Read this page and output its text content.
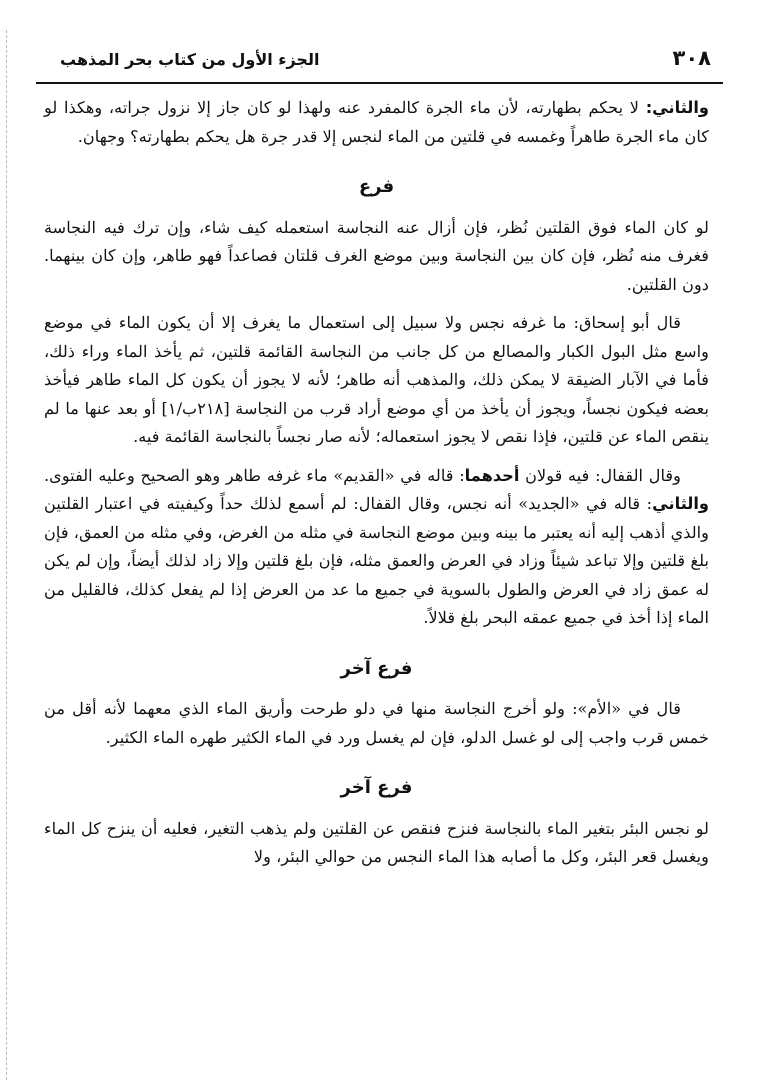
٣٠٨
الجزء الأول من كتاب بحر المذهب

والثاني: لا يحكم بطهارته، لأن ماء الجرة كالمفرد عنه ولهذا لو كان جاز إلا نزول جراته، وهكذا لو كان ماء الجرة طاهراً وغمسه في قلتين من الماء لنجس إلا قدر جرة هل يحكم بطهارته؟ وجهان.

فرع

لو كان الماء فوق القلتين نُظر، فإن أزال عنه النجاسة استعمله كيف شاء، وإن ترك فيه النجاسة فغرف منه نُظر، فإن كان بين النجاسة وبين موضع الغرف قلتان فصاعداً فهو طاهر، وإن كان بينهما. دون القلتين.

قال أبو إسحاق: ما غرفه نجس ولا سبيل إلى استعمال ما يغرف إلا أن يكون الماء في موضع واسع مثل البول الكبار والمصالع من كل جانب من النجاسة القائمة قلتين، ثم يأخذ الماء وراء ذلك، فأما في الآبار الضيقة لا يمكن ذلك، والمذهب أنه طاهر؛ لأنه لا يجوز أن يكون كل الماء طاهر فيأخذ بعضه فيكون نجساً، ويجوز أن يأخذ من أي موضع أراد قرب من النجاسة [٢١٨ب/١] أو بعد عنها ما لم ينقص الماء عن قلتين، فإذا نقص لا يجوز استعماله؛ لأنه صار نجساً بالنجاسة القائمة فيه.

وقال القفال: فيه قولان أحدهما: قاله في «القديم» ماء غرفه طاهر وهو الصحيح وعليه الفتوى. والثاني: قاله في «الجديد» أنه نجس، وقال القفال: لم أسمع لذلك حداً وكيفيته في اعتبار القلتين والذي أذهب إليه أنه يعتبر ما بينه وبين موضع النجاسة في مثله من الغرض، وفي مثله من العمق، فإن بلغ قلتين وإلا تباعد شيئاً وزاد في العرض والعمق مثله، فإن بلغ قلتين وإلا زاد لذلك أيضاً، وإن لم يكن له عمق زاد في العرض والطول بالسوية في جميع ما عد من العرض إذا لم يفعل كذلك، فالقليل من الماء إذا أخذ في جميع عمقه البحر بلغ قلالاً.

فرع آخر

قال في «الأم»: ولو أخرج النجاسة منها في دلو طرحت وأريق الماء الذي معهما لأنه أقل من خمس قرب واجب إلى لو غسل الدلو، فإن لم يغسل ورد في الماء الكثير طهره الماء الكثير.

فرع آخر

لو نجس البئر بتغير الماء بالنجاسة فنزح فنقص عن القلتين ولم يذهب التغير، فعليه أن ينزح كل الماء ويغسل قعر البئر، وكل ما أصابه هذا الماء النجس من حوالي البئر، ولا
